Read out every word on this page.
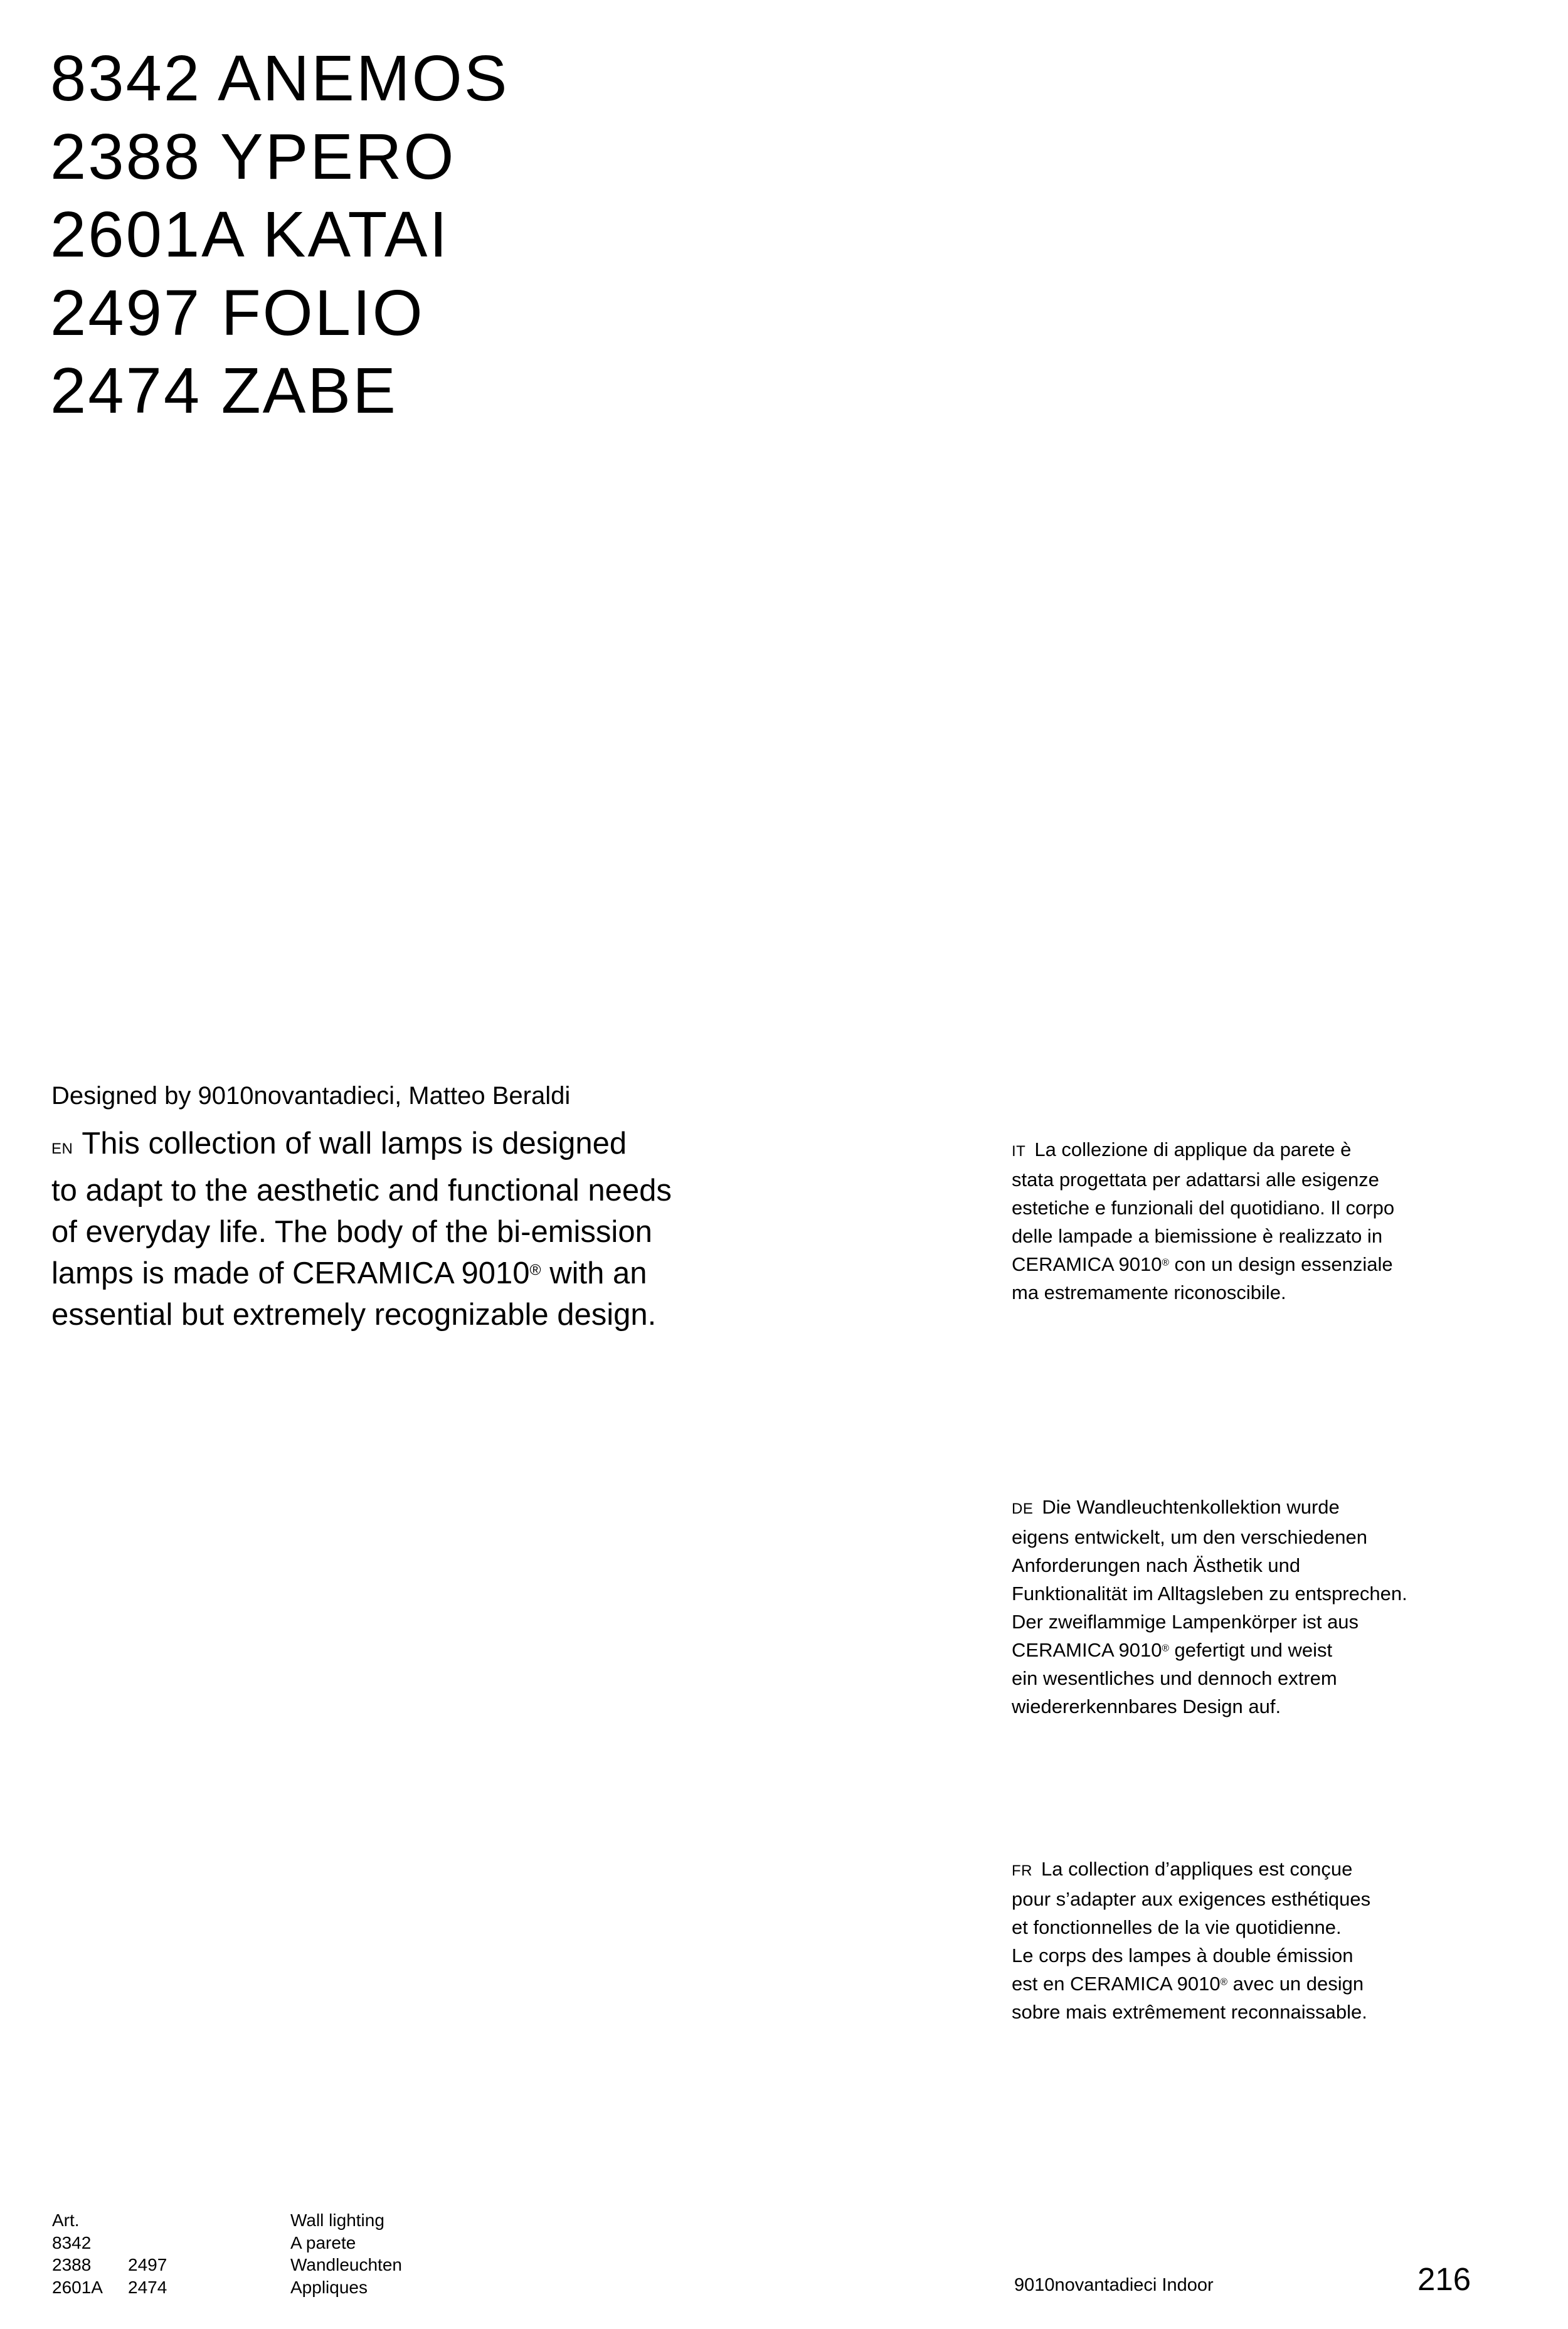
8342 ANEMOS
2388 YPERO
2601A KATAI
2497 FOLIO
2474 ZABE
Designed by 9010novantadieci, Matteo Beraldi
EN This collection of wall lamps is designed
to adapt to the aesthetic and functional needs
of everyday life. The body of the bi-emission
lamps is made of CERAMICA 9010® with an
essential but extremely recognizable design.
IT La collezione di applique da parete è
stata progettata per adattarsi alle esigenze
estetiche e funzionali del quotidiano. Il corpo
delle lampade a biemissione è realizzato in
CERAMICA 9010® con un design essenziale
ma estremamente riconoscibile.
DE Die Wandleuchtenkollektion wurde
eigens entwickelt, um den verschiedenen
Anforderungen nach Ästhetik und
Funktionalität im Alltagsleben zu entsprechen.
Der zweiflammige Lampenkörper ist aus
CERAMICA 9010® gefertigt und weist
ein wesentliches und dennoch extrem
wiedererkennbares Design auf.
FR La collection d’appliques est conçue
pour s’adapter aux exigences esthétiques
et fonctionnelles de la vie quotidienne.
Le corps des lampes à double émission
est en CERAMICA 9010® avec un design
sobre mais extrêmement reconnaissable.
Art.
8342
2388
2601A
2497
2474
Wall lighting
A parete
Wandleuchten
Appliques	9010novantadieci Indoor	216
